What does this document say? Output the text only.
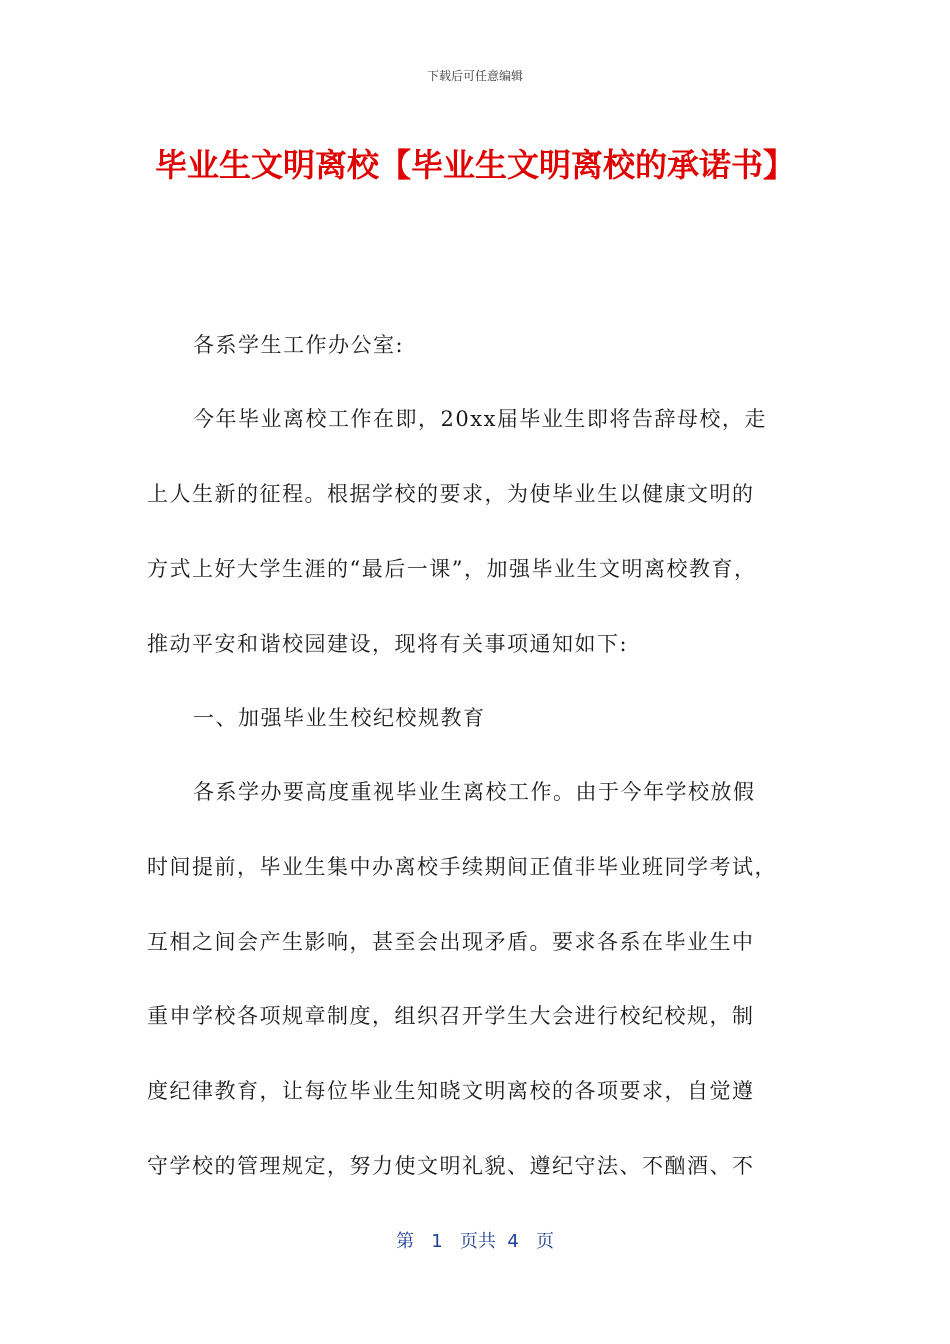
下载后可任意编辑
毕业生文明离校【毕业生文明离校的承诺书】
各系学生工作办公室:
今年毕业离校工作在即，20xx届毕业生即将告辞母校，走
上人生新的征程。根据学校的要求，为使毕业生以健康文明的
方式上好大学生涯的“最后一课”，加强毕业生文明离校教育，
推动平安和谐校园建设，现将有关事项通知如下:
一、加强毕业生校纪校规教育
各系学办要高度重视毕业生离校工作。由于今年学校放假
时间提前，毕业生集中办离校手续期间正值非毕业班同学考试，
互相之间会产生影响，甚至会出现矛盾。要求各系在毕业生中
重申学校各项规章制度，组织召开学生大会进行校纪校规，制
度纪律教育，让每位毕业生知晓文明离校的各项要求，自觉遵
守学校的管理规定，努力使文明礼貌、遵纪守法、不酗酒、不
第 1 页共 4 页
